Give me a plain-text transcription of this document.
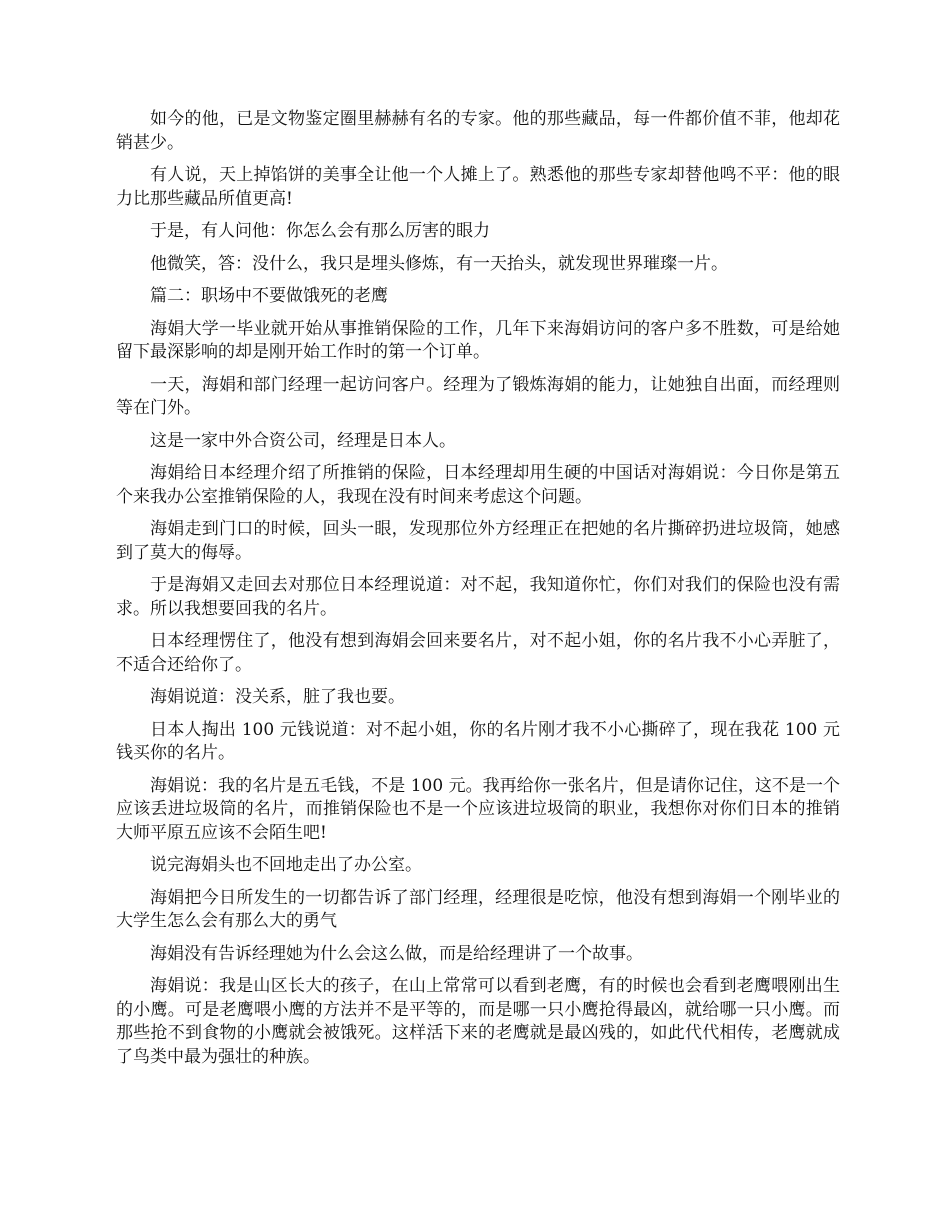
如今的他，已是文物鉴定圈里赫赫有名的专家。他的那些藏品，每一件都价值不菲，他却花销甚少。

有人说，天上掉馅饼的美事全让他一个人摊上了。熟悉他的那些专家却替他鸣不平：他的眼力比那些藏品所值更高!

于是，有人问他：你怎么会有那么厉害的眼力

他微笑，答：没什么，我只是埋头修炼，有一天抬头，就发现世界璀璨一片。

篇二：职场中不要做饿死的老鹰

海娟大学一毕业就开始从事推销保险的工作，几年下来海娟访问的客户多不胜数，可是给她留下最深影响的却是刚开始工作时的第一个订单。

一天，海娟和部门经理一起访问客户。经理为了锻炼海娟的能力，让她独自出面，而经理则等在门外。

这是一家中外合资公司，经理是日本人。

海娟给日本经理介绍了所推销的保险，日本经理却用生硬的中国话对海娟说：今日你是第五个来我办公室推销保险的人，我现在没有时间来考虑这个问题。

海娟走到门口的时候，回头一眼，发现那位外方经理正在把她的名片撕碎扔进垃圾筒，她感到了莫大的侮辱。

于是海娟又走回去对那位日本经理说道：对不起，我知道你忙，你们对我们的保险也没有需求。所以我想要回我的名片。

日本经理愣住了，他没有想到海娟会回来要名片，对不起小姐，你的名片我不小心弄脏了，不适合还给你了。

海娟说道：没关系，脏了我也要。

日本人掏出 100 元钱说道：对不起小姐，你的名片刚才我不小心撕碎了，现在我花 100 元钱买你的名片。

海娟说：我的名片是五毛钱，不是 100 元。我再给你一张名片，但是请你记住，这不是一个应该丢进垃圾筒的名片，而推销保险也不是一个应该进垃圾筒的职业，我想你对你们日本的推销大师平原五应该不会陌生吧!

说完海娟头也不回地走出了办公室。

海娟把今日所发生的一切都告诉了部门经理，经理很是吃惊，他没有想到海娟一个刚毕业的大学生怎么会有那么大的勇气

海娟没有告诉经理她为什么会这么做，而是给经理讲了一个故事。

海娟说：我是山区长大的孩子，在山上常常可以看到老鹰，有的时候也会看到老鹰喂刚出生的小鹰。可是老鹰喂小鹰的方法并不是平等的，而是哪一只小鹰抢得最凶，就给哪一只小鹰。而那些抢不到食物的小鹰就会被饿死。这样活下来的老鹰就是最凶残的，如此代代相传，老鹰就成了鸟类中最为强壮的种族。
